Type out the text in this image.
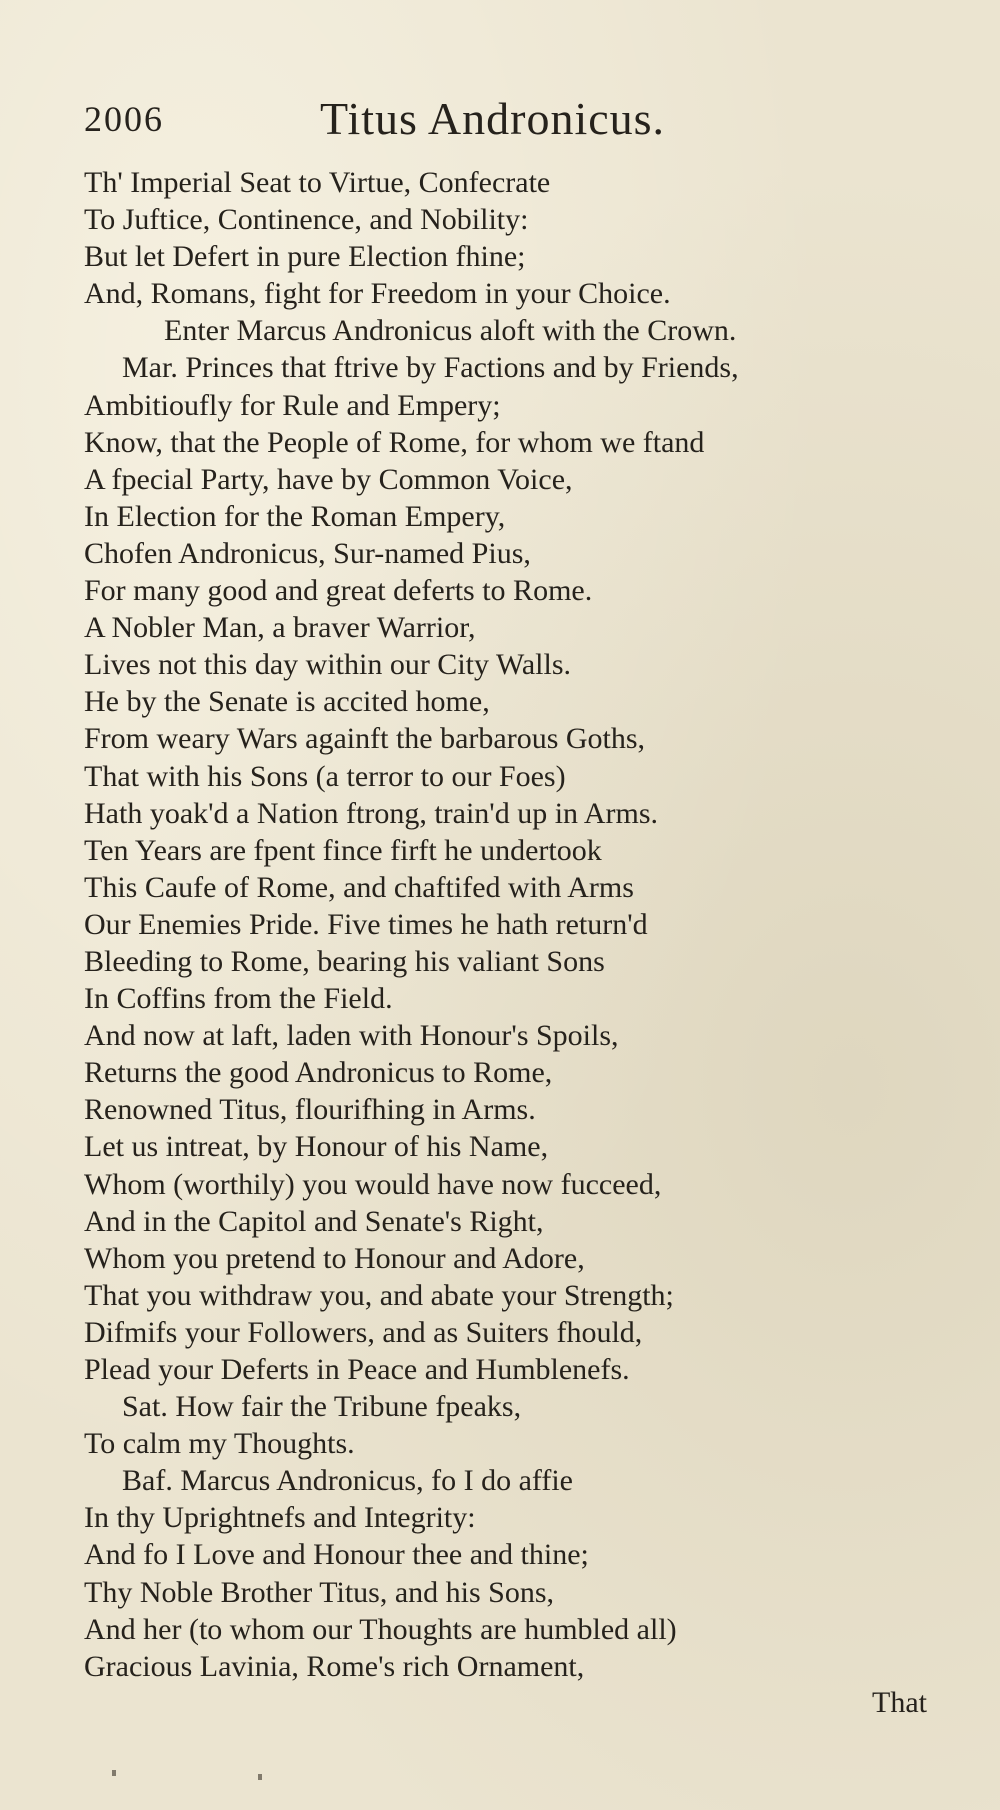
2006	Titus Andronicus.
Th' Imperial Seat to Virtue, Confecrate
To Juftice, Continence, and Nobility:
But let Defert in pure Election fhine;
And, Romans, fight for Freedom in your Choice.
Enter Marcus Andronicus aloft with the Crown.
Mar. Princes that ftrive by Factions and by Friends,
Ambitioufly for Rule and Empery;
Know, that the People of Rome, for whom we ftand
A fpecial Party, have by Common Voice,
In Election for the Roman Empery,
Chofen Andronicus, Sur-named Pius,
For many good and great deferts to Rome.
A Nobler Man, a braver Warrior,
Lives not this day within our City Walls.
He by the Senate is accited home,
From weary Wars againft the barbarous Goths,
That with his Sons (a terror to our Foes)
Hath yoak'd a Nation ftrong, train'd up in Arms.
Ten Years are fpent fince firft he undertook
This Caufe of Rome, and chaftifed with Arms
Our Enemies Pride. Five times he hath return'd
Bleeding to Rome, bearing his valiant Sons
In Coffins from the Field.
And now at laft, laden with Honour's Spoils,
Returns the good Andronicus to Rome,
Renowned Titus, flourifhing in Arms.
Let us intreat, by Honour of his Name,
Whom (worthily) you would have now fucceed,
And in the Capitol and Senate's Right,
Whom you pretend to Honour and Adore,
That you withdraw you, and abate your Strength;
Difmifs your Followers, and as Suiters fhould,
Plead your Deferts in Peace and Humblenefs.
Sat. How fair the Tribune fpeaks,
To calm my Thoughts.
Baf. Marcus Andronicus, fo I do affie
In thy Uprightnefs and Integrity:
And fo I Love and Honour thee and thine;
Thy Noble Brother Titus, and his Sons,
And her (to whom our Thoughts are humbled all)
Gracious Lavinia, Rome's rich Ornament,
That
